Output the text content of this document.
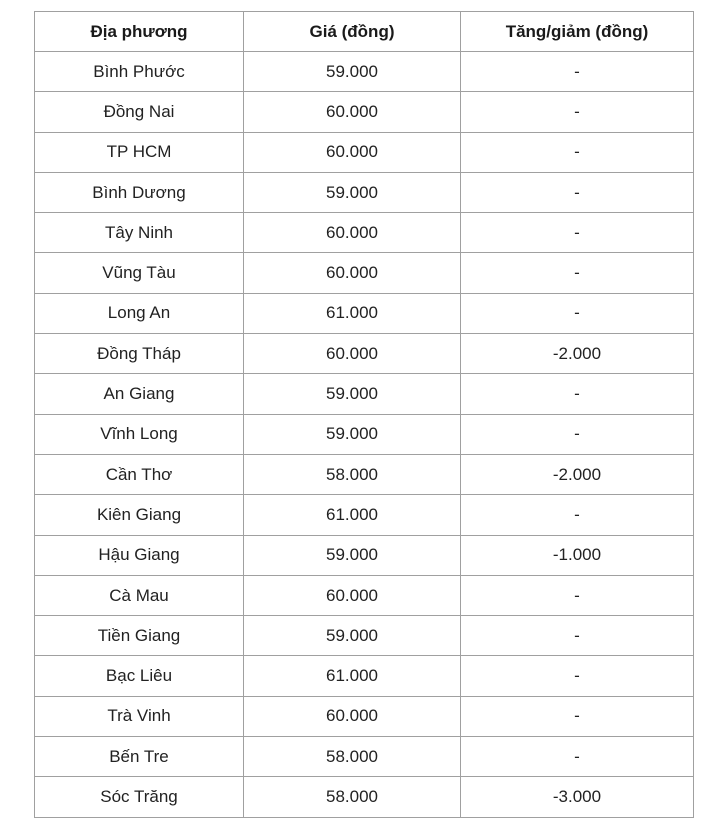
Địa phương	Giá (đồng)	Tăng/giảm (đồng)
Bình Phước	59.000	-
Đồng Nai	60.000	-
TP HCM	60.000	-
Bình Dương	59.000	-
Tây Ninh	60.000	-
Vũng Tàu	60.000	-
Long An	61.000	-
Đồng Tháp	60.000	-2.000
An Giang	59.000	-
Vĩnh Long	59.000	-
Cần Thơ	58.000	-2.000
Kiên Giang	61.000	-
Hậu Giang	59.000	-1.000
Cà Mau	60.000	-
Tiền Giang	59.000	-
Bạc Liêu	61.000	-
Trà Vinh	60.000	-
Bến Tre	58.000	-
Sóc Trăng	58.000	-3.000
